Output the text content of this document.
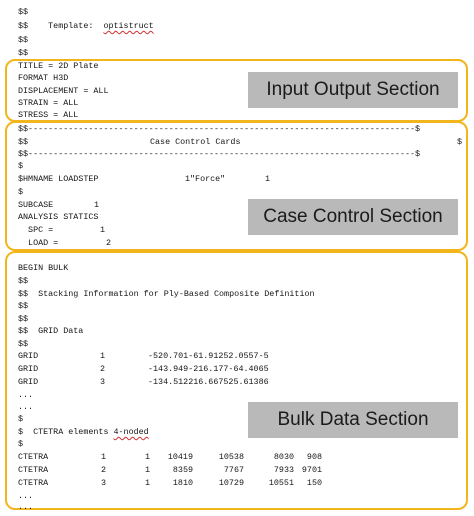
$$
$$    Template:  optistruct
$$
$$
TITLE = 2D Plate
FORMAT H3D
DISPLACEMENT = ALL
STRAIN = ALL
STRESS = ALL
Input Output Section
$$-----------------------------------------------------------------------------$
$$	Case Control Cards	$
$$-----------------------------------------------------------------------------$
$
$HMNAME LOADSTEP	1"Force"	1
$
SUBCASE	1
ANALYSIS STATICS
SPC =	1
LOAD =	2
Case Control Section
BEGIN BULK
$$
$$  Stacking Information for Ply-Based Composite Definition
$$
$$
$$  GRID Data
$$
GRID	1	-520.701-61.91252.0557-5
GRID	2	-143.949-216.177-64.4065
GRID	3	-134.512216.667525.61386
...
...
$
$  CTETRA elements 4-noded
$
Bulk Data Section
CTETRA	1	1	10419	10538	8030	908
CTETRA	2	1	8359	7767	7933 9701
CTETRA	3	1	1810	10729	10551	150
...
...
